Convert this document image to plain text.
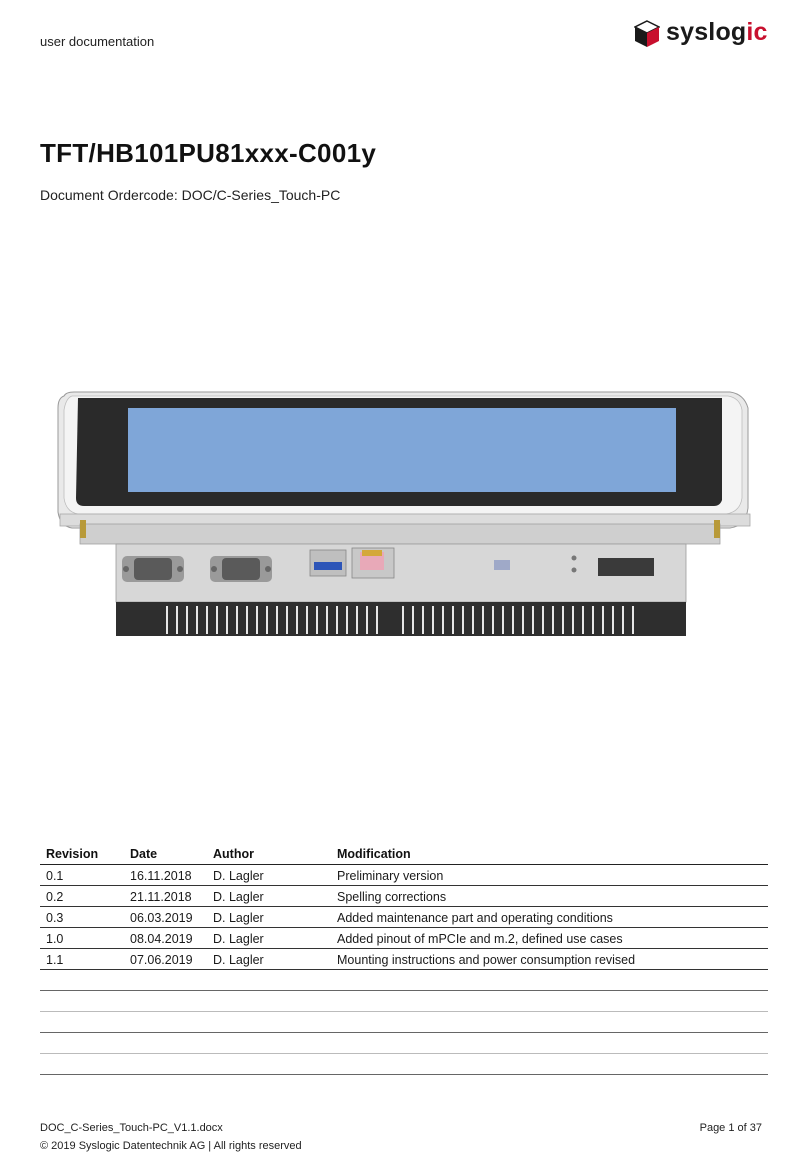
user documentation	syslogic
TFT/HB101PU81xxx-C001y
Document Ordercode: DOC/C-Series_Touch-PC
Revision	Date	Author	Modification
0.1	16.11.2018	D. Lagler	Preliminary version
0.2	21.11.2018	D. Lagler	Spelling corrections
0.3	06.03.2019	D. Lagler	Added maintenance part and operating conditions
1.0	08.04.2019	D. Lagler	Added pinout of mPCIe and m.2, defined use cases
1.1	07.06.2019	D. Lagler	Mounting instructions and power consumption revised

DOC_C-Series_Touch-PC_V1.1.docx
© 2019 Syslogic Datentechnik AG | All rights reserved
Page 1 of 37
